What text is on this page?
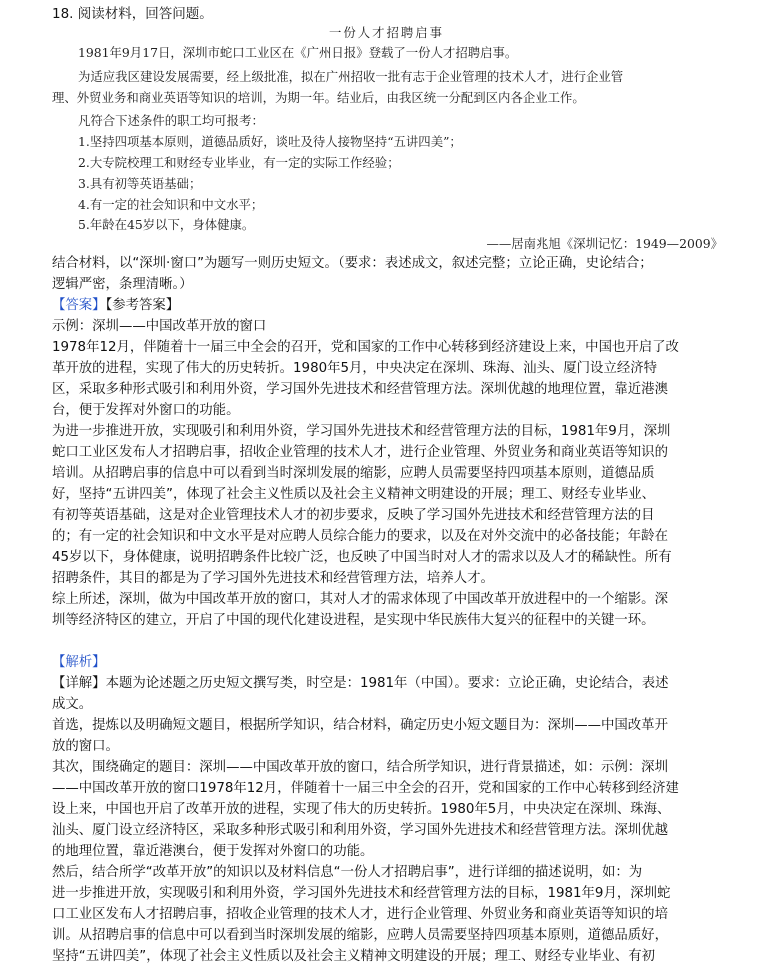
18. 阅读材料，回答问题。
一份人才招聘启事
1981年9月17日，深圳市蛇口工业区在《广州日报》登载了一份人才招聘启事。
为适应我区建设发展需要，经上级批准，拟在广州招收一批有志于企业管理的技术人才，进行企业管
理、外贸业务和商业英语等知识的培训，为期一年。结业后，由我区统一分配到区内各企业工作。
凡符合下述条件的职工均可报考：
1.坚持四项基本原则，道德品质好，谈吐及待人接物坚持“五讲四美”；
2.大专院校理工和财经专业毕业，有一定的实际工作经验；
3.具有初等英语基础；
4.有一定的社会知识和中文水平；
5.年龄在45岁以下，身体健康。
——居南兆旭《深圳记忆：1949—2009》
结合材料，以“深圳·窗口”为题写一则历史短文。（要求：表述成文，叙述完整；立论正确，史论结合；
逻辑严密，条理清晰。）
【答案】【参考答案】
示例：深圳——中国改革开放的窗口
1978年12月，伴随着十一届三中全会的召开，党和国家的工作中心转移到经济建设上来，中国也开启了改
革开放的进程，实现了伟大的历史转折。1980年5月，中央决定在深圳、珠海、汕头、厦门设立经济特
区，采取多种形式吸引和利用外资，学习国外先进技术和经营管理方法。深圳优越的地理位置，靠近港澳
台，便于发挥对外窗口的功能。
为进一步推进开放，实现吸引和利用外资，学习国外先进技术和经营管理方法的目标，1981年9月，深圳
蛇口工业区发布人才招聘启事，招收企业管理的技术人才，进行企业管理、外贸业务和商业英语等知识的
培训。从招聘启事的信息中可以看到当时深圳发展的缩影，应聘人员需要坚持四项基本原则，道德品质
好，坚持“五讲四美”，体现了社会主义性质以及社会主义精神文明建设的开展；理工、财经专业毕业、
有初等英语基础，这是对企业管理技术人才的初步要求，反映了学习国外先进技术和经营管理方法的目
的；有一定的社会知识和中文水平是对应聘人员综合能力的要求，以及在对外交流中的必备技能；年龄在
45岁以下，身体健康，说明招聘条件比较广泛，也反映了中国当时对人才的需求以及人才的稀缺性。所有
招聘条件，其目的都是为了学习国外先进技术和经营管理方法，培养人才。
综上所述，深圳，做为中国改革开放的窗口，其对人才的需求体现了中国改革开放进程中的一个缩影。深
圳等经济特区的建立，开启了中国的现代化建设进程，是实现中华民族伟大复兴的征程中的关键一环。
【解析】
【详解】本题为论述题之历史短文撰写类，时空是：1981年（中国）。要求：立论正确，史论结合，表述
成文。
首选，提炼以及明确短文题目，根据所学知识，结合材料，确定历史小短文题目为：深圳——中国改革开
放的窗口。
其次，围绕确定的题目：深圳——中国改革开放的窗口，结合所学知识，进行背景描述，如：示例：深圳
——中国改革开放的窗口1978年12月，伴随着十一届三中全会的召开，党和国家的工作中心转移到经济建
设上来，中国也开启了改革开放的进程，实现了伟大的历史转折。1980年5月，中央决定在深圳、珠海、
汕头、厦门设立经济特区，采取多种形式吸引和利用外资，学习国外先进技术和经营管理方法。深圳优越
的地理位置，靠近港澳台，便于发挥对外窗口的功能。
然后，结合所学“改革开放”的知识以及材料信息“一份人才招聘启事”，进行详细的描述说明，如：为
进一步推进开放，实现吸引和利用外资，学习国外先进技术和经营管理方法的目标，1981年9月，深圳蛇
口工业区发布人才招聘启事，招收企业管理的技术人才，进行企业管理、外贸业务和商业英语等知识的培
训。从招聘启事的信息中可以看到当时深圳发展的缩影，应聘人员需要坚持四项基本原则，道德品质好，
坚持“五讲四美”，体现了社会主义性质以及社会主义精神文明建设的开展；理工、财经专业毕业、有初
